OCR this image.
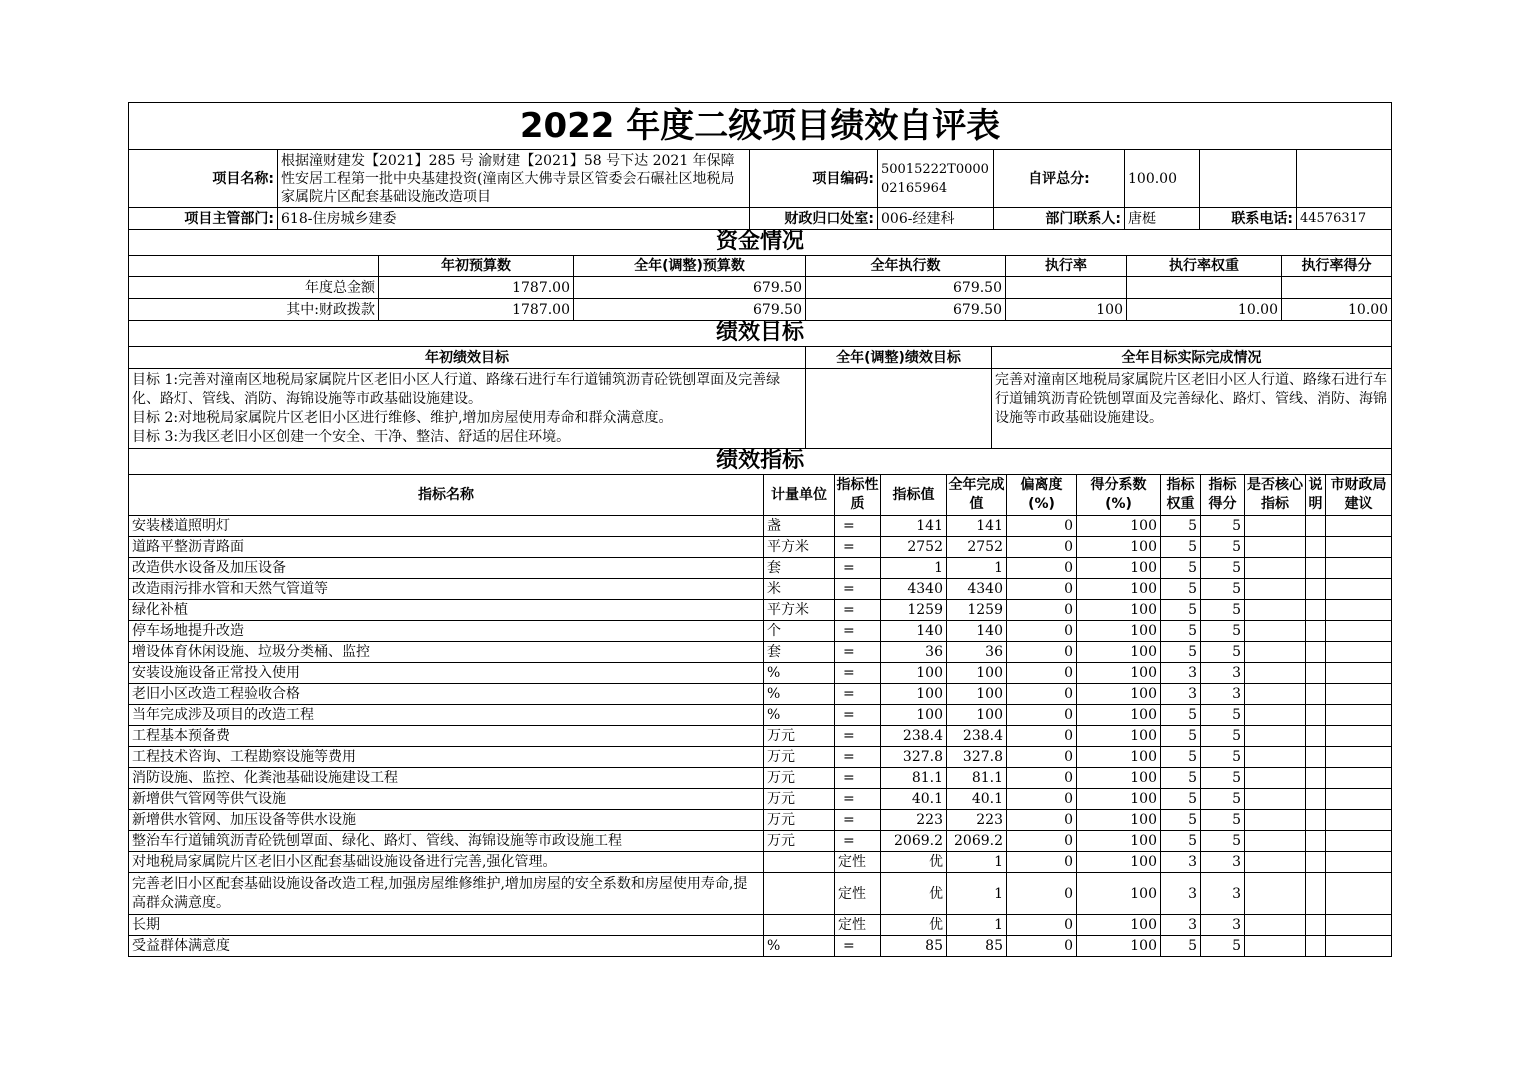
2022 年度二级项目绩效自评表							
项目名称:	根据潼财建发【2021】285 号 渝财建【2021】58 号下达 2021 年保障性安居工程第一批中央基建投资(潼南区大佛寺景区管委会石碾社区地税局家属院片区配套基础设施改造项目	项目编码:	50015222T000002165964	自评总分:	100.00		
项目主管部门:	618-住房城乡建委	财政归口处室:	006-经建科	部门联系人:	唐梃	联系电话:	44576317
资金情况						
	年初预算数	全年(调整)预算数	全年执行数	执行率	执行率权重	执行率得分
年度总金额	1787.00	679.50	679.50			
其中:财政拨款	1787.00	679.50	679.50	100	10.00	10.00
绩效目标		
年初绩效目标	全年(调整)绩效目标	全年目标实际完成情况

目标 1:完善对潼南区地税局家属院片区老旧小区人行道、路缘石进行车行道铺筑沥青砼铣刨罩面及完善绿化、路灯、管线、消防、海锦设施等市政基础设施建设。
目标 2:对地税局家属院片区老旧小区进行维修、维护,增加房屋使用寿命和群众满意度。
目标 3:为我区老旧小区创建一个安全、干净、整洁、舒适的居住环境。		完善对潼南区地税局家属院片区老旧小区人行道、路缘石进行车行道铺筑沥青砼铣刨罩面及完善绿化、路灯、管线、消防、海锦设施等市政基础设施建设。
绩效指标											
指标名称	计量单位	指标性质	指标值	全年完成值	偏离度(%)	得分系数(%)	指标权重	指标得分	是否核心指标	说明	市财政局建议
安装楼道照明灯	盏	=	141	141	0	100	5	5			
道路平整沥青路面	平方米	=	2752	2752	0	100	5	5			
改造供水设备及加压设备	套	=	1	1	0	100	5	5			
改造雨污排水管和天然气管道等	米	=	4340	4340	0	100	5	5			
绿化补植	平方米	=	1259	1259	0	100	5	5			
停车场地提升改造	个	=	140	140	0	100	5	5			
增设体育休闲设施、垃圾分类桶、监控	套	=	36	36	0	100	5	5			
安装设施设备正常投入使用	%	=	100	100	0	100	3	3			
老旧小区改造工程验收合格	%	=	100	100	0	100	3	3			
当年完成涉及项目的改造工程	%	=	100	100	0	100	5	5			
工程基本预备费	万元	=	238.4	238.4	0	100	5	5			
工程技术咨询、工程勘察设施等费用	万元	=	327.8	327.8	0	100	5	5			
消防设施、监控、化粪池基础设施建设工程	万元	=	81.1	81.1	0	100	5	5			
新增供气管网等供气设施	万元	=	40.1	40.1	0	100	5	5			
新增供水管网、加压设备等供水设施	万元	=	223	223	0	100	5	5			
整治车行道铺筑沥青砼铣刨罩面、绿化、路灯、管线、海锦设施等市政设施工程	万元	=	2069.2	2069.2	0	100	5	5			
对地税局家属院片区老旧小区配套基础设施设备进行完善,强化管理。		定性	优	1	0	100	3	3			
完善老旧小区配套基础设施设备改造工程,加强房屋维修维护,增加房屋的安全系数和房屋使用寿命,提高群众满意度。		定性	优	1	0	100	3	3			
长期		定性	优	1	0	100	3	3			
受益群体满意度	%	=	85	85	0	100	5	5			
